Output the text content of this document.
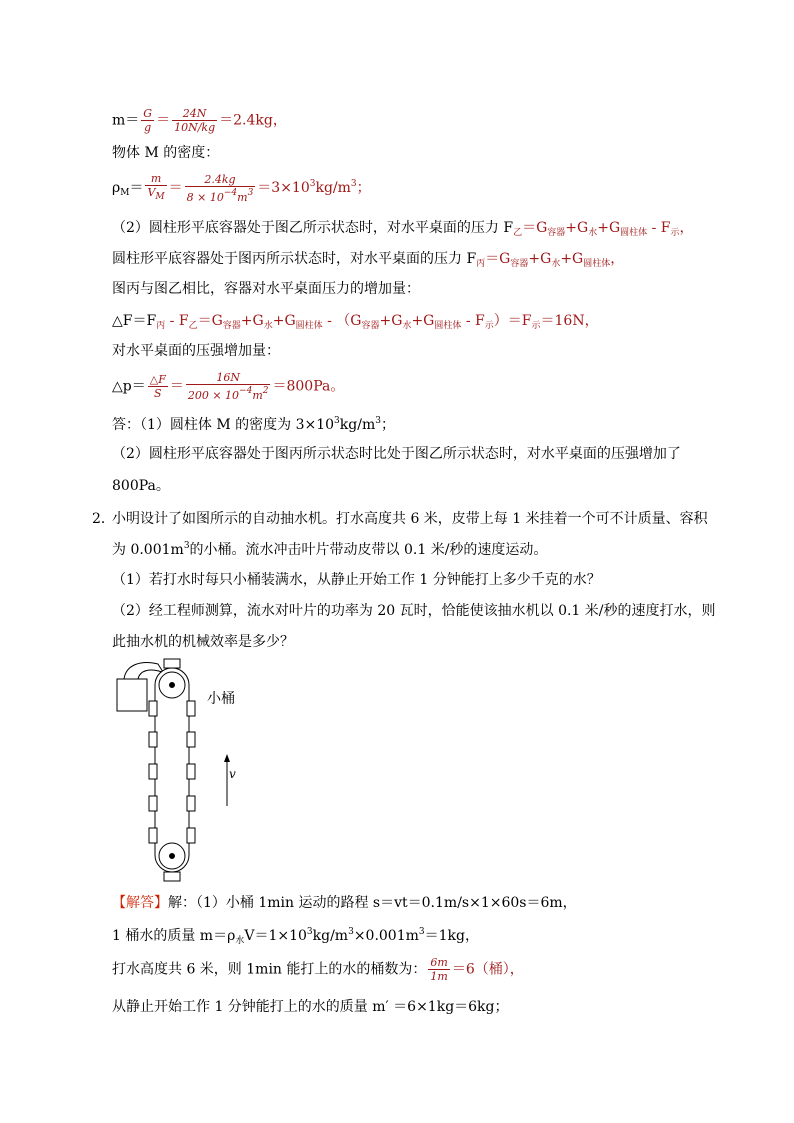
$m= \frac{G}{g} = \frac{24N}{10N/kg} =2.4kg$，
物体 M 的密度：
$\rho_M= \frac{m}{V_M} = \frac{2.4kg}{8 \times 10^{-4}m^3} =3\times 10^3kg/m^3$；
（2）圆柱形平底容器处于图乙所示状态时，对水平桌面的压力 $F_乙=G_{容器}+G_水+G_{圆柱体} - F_示$，
圆柱形平底容器处于图丙所示状态时，对水平桌面的压力 $F_丙=G_{容器}+G_水+G_{圆柱体}$，
图丙与图乙相比，容器对水平桌面压力的增加量：
$\triangle F=F_丙 - F_乙=G_{容器}+G_水+G_{圆柱体} - (G_{容器}+G_水+G_{圆柱体} - F_示)=F_示=16N$，
对水平桌面的压强增加量：
△p＝ $\frac{\triangle F}{S} = \frac{16N}{200 \times 10^{-4}m^2} =800Pa$。
答：（1）圆柱体 M 的密度为 $3\times 10^3kg/m^3$；
（2）圆柱形平底容器处于图丙所示状态时比处于图乙所示状态时，对水平桌面的压强增加了
800Pa。
2．
小明设计了如图所示的自动抽水机。打水高度共 6 米，皮带上每 1 米挂着一个可不计质量、容积
为 $0.001m^3$的小桶。流水冲击叶片带动皮带以 0.1 米/秒的速度运动。
（1）若打水时每只小桶装满水，从静止开始工作 1 分钟能打上多少千克的水？
（2）经工程师测算，流水对叶片的功率为 20 瓦时，恰能使该抽水机以 0.1 米/秒的速度打水，则
此抽水机的机械效率是多少？
小桶
v
【解答】解：（1）小桶 1min 运动的路程 s＝vt＝0.1m/s×1×60s＝6m，
1 桶水的质量 $m=\rho_水V=1\times 10^3kg/m^3\times 0.001m^3=1kg$，
打水高度共 6 米，则 1min 能打上的水的桶数为： $\frac{6m}{1m} =6$（桶），
从静止开始工作 1 分钟能打上的水的质量 m′ ＝6×1kg＝6kg；
